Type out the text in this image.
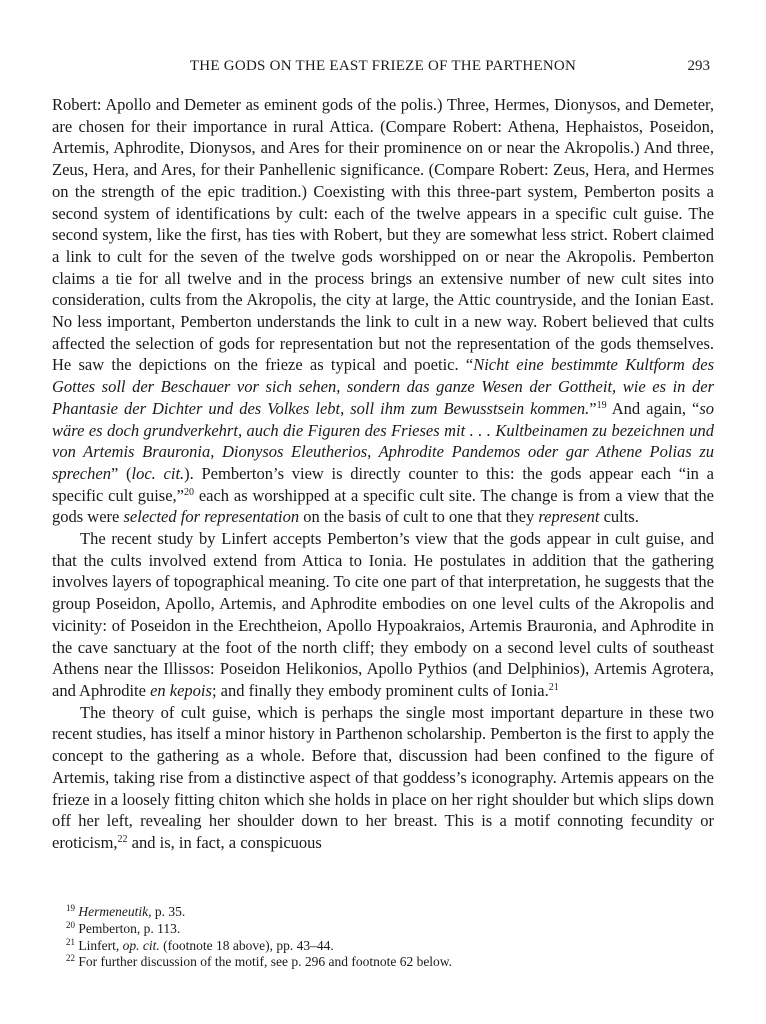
THE GODS ON THE EAST FRIEZE OF THE PARTHENON	293

Robert: Apollo and Demeter as eminent gods of the polis.) Three, Hermes, Dionysos, and Demeter, are chosen for their importance in rural Attica. (Compare Robert: Athena, Hephaistos, Poseidon, Artemis, Aphrodite, Dionysos, and Ares for their prominence on or near the Akropolis.) And three, Zeus, Hera, and Ares, for their Panhellenic significance. (Compare Robert: Zeus, Hera, and Hermes on the strength of the epic tradition.) Coexisting with this three-part system, Pemberton posits a second system of identifications by cult: each of the twelve appears in a specific cult guise. The second system, like the first, has ties with Robert, but they are somewhat less strict. Robert claimed a link to cult for the seven of the twelve gods worshipped on or near the Akropolis. Pemberton claims a tie for all twelve and in the process brings an extensive number of new cult sites into consideration, cults from the Akropolis, the city at large, the Attic countryside, and the Ionian East. No less important, Pemberton understands the link to cult in a new way. Robert believed that cults affected the selection of gods for representation but not the representation of the gods themselves. He saw the depictions on the frieze as typical and poetic. “Nicht eine bestimmte Kultform des Gottes soll der Beschauer vor sich sehen, sondern das ganze Wesen der Gottheit, wie es in der Phantasie der Dichter und des Volkes lebt, soll ihm zum Bewusstsein kommen.”$^{19}$ And again, “so wäre es doch grundverkehrt, auch die Figuren des Frieses mit . . . Kultbeinamen zu bezeichnen und von Artemis Brauronia, Dionysos Eleutherios, Aphrodite Pandemos oder gar Athene Polias zu sprechen” (loc. cit.). Pemberton’s view is directly counter to this: the gods appear each “in a specific cult guise,”$^{20}$ each as worshipped at a specific cult site. The change is from a view that the gods were selected for representation on the basis of cult to one that they represent cults.

The recent study by Linfert accepts Pemberton’s view that the gods appear in cult guise, and that the cults involved extend from Attica to Ionia. He postulates in addition that the gathering involves layers of topographical meaning. To cite one part of that interpretation, he suggests that the group Poseidon, Apollo, Artemis, and Aphrodite embodies on one level cults of the Akropolis and vicinity: of Poseidon in the Erechtheion, Apollo Hypoakraios, Artemis Brauronia, and Aphrodite in the cave sanctuary at the foot of the north cliff; they embody on a second level cults of southeast Athens near the Illissos: Poseidon Helikonios, Apollo Pythios (and Delphinios), Artemis Agrotera, and Aphrodite en kepois; and finally they embody prominent cults of Ionia.$^{21}$

The theory of cult guise, which is perhaps the single most important departure in these two recent studies, has itself a minor history in Parthenon scholarship. Pemberton is the first to apply the concept to the gathering as a whole. Before that, discussion had been confined to the figure of Artemis, taking rise from a distinctive aspect of that goddess’s iconography. Artemis appears on the frieze in a loosely fitting chiton which she holds in place on her right shoulder but which slips down off her left, revealing her shoulder down to her breast. This is a motif connoting fecundity or eroticism,$^{22}$ and is, in fact, a conspicuous

$^{19}$ Hermeneutik, p. 35.
$^{20}$ Pemberton, p. 113.
$^{21}$ Linfert, op. cit. (footnote 18 above), pp. 43–44.
$^{22}$ For further discussion of the motif, see p. 296 and footnote 62 below.
